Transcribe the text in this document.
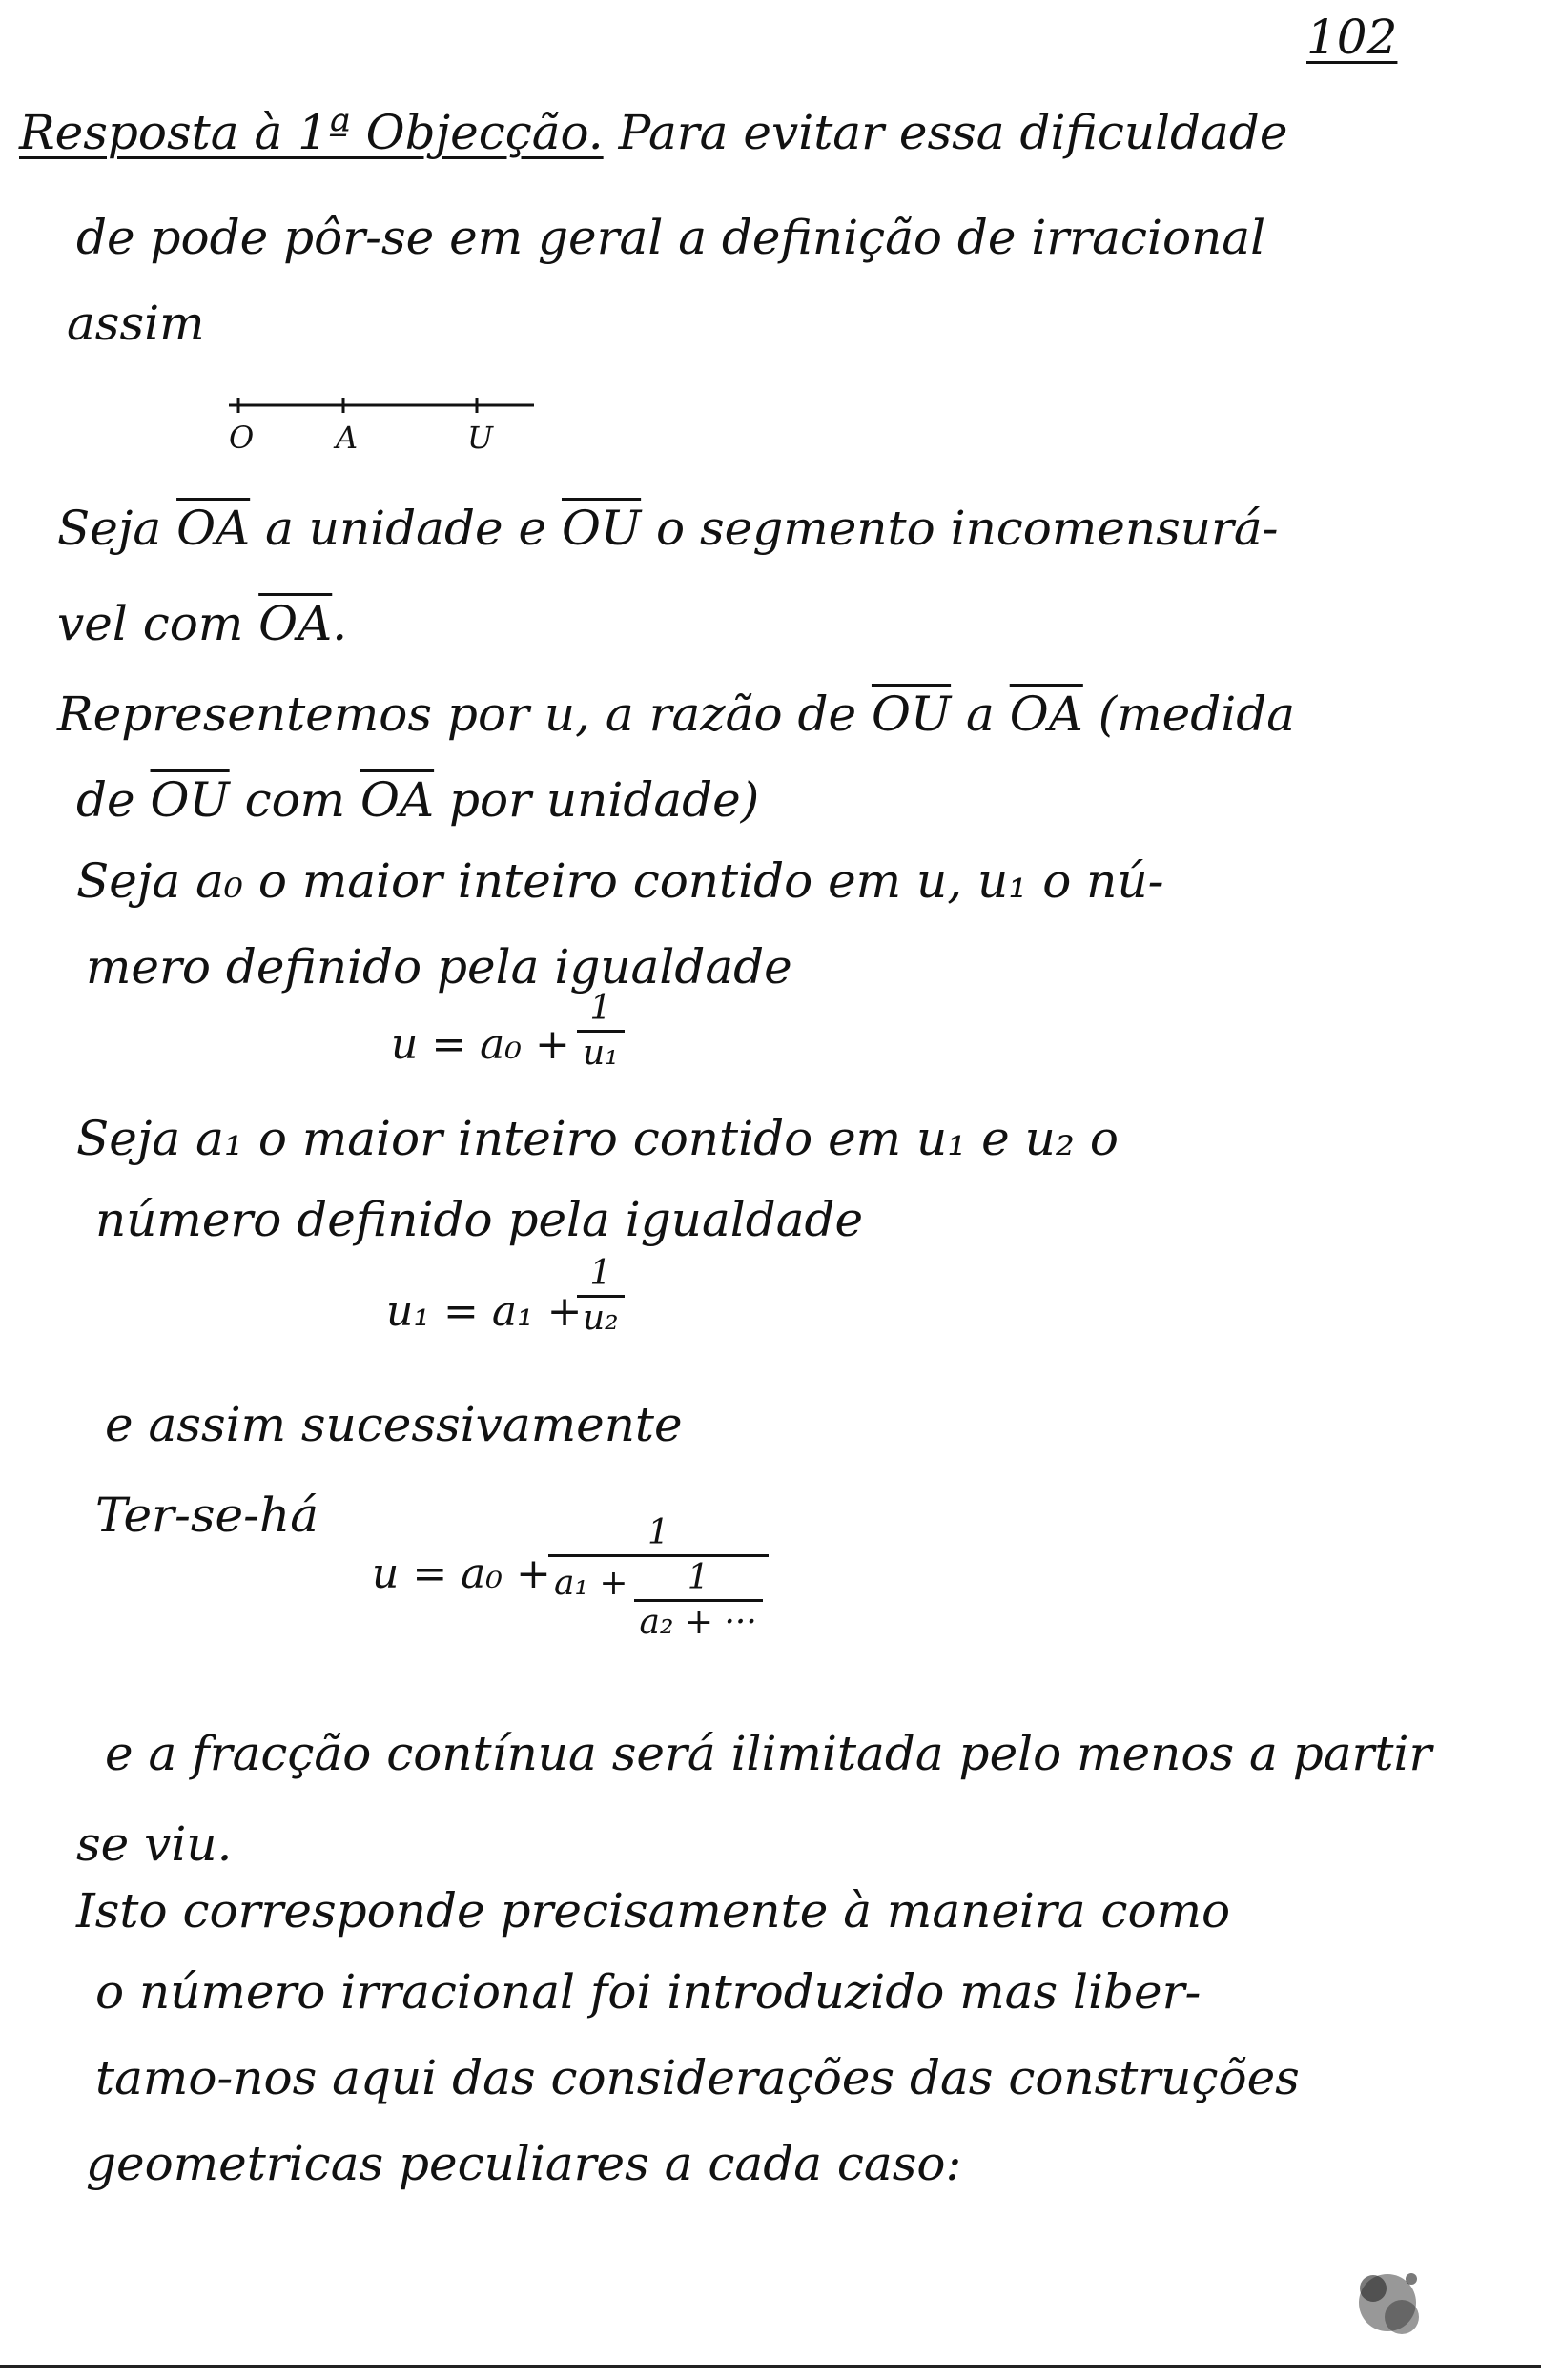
102
Resposta à 1ª Objecção. Para evitar essa dificuldade
de pode pôr-se em geral a definição de irracional
assim
O	A	U
Seja $\overline{OA}$ a unidade e $\overline{OU}$ o segmento incomensurá-
vel com $\overline{OA}$.
Representemos por u, a razão de $\overline{OU}$ a $\overline{OA}$ (medida
de $\overline{OU}$ com $\overline{OA}$ por unidade)
Seja a₀ o maior inteiro contido em u, u₁ o nú-
mero definido pela igualdade
$u = a_0 + \frac{1}{\text{u₁}}$
Seja a₁ o maior inteiro contido em u₁ e u₂ o
número definido pela igualdade
u₁ = a₁ +
$\frac{1}{\text{u₂}}$
e assim sucessivamente
Ter-se-há
u = a₀ +
$\frac{1}{a_1 + \frac{1}{\text{a₂ + ···}}}$
e a fracção contínua será ilimitada pelo menos a partir
se viu.
Isto corresponde precisamente à maneira como
o número irracional foi introduzido mas liber-
tamo-nos aqui das considerações das construções
geometricas peculiares a cada caso:
